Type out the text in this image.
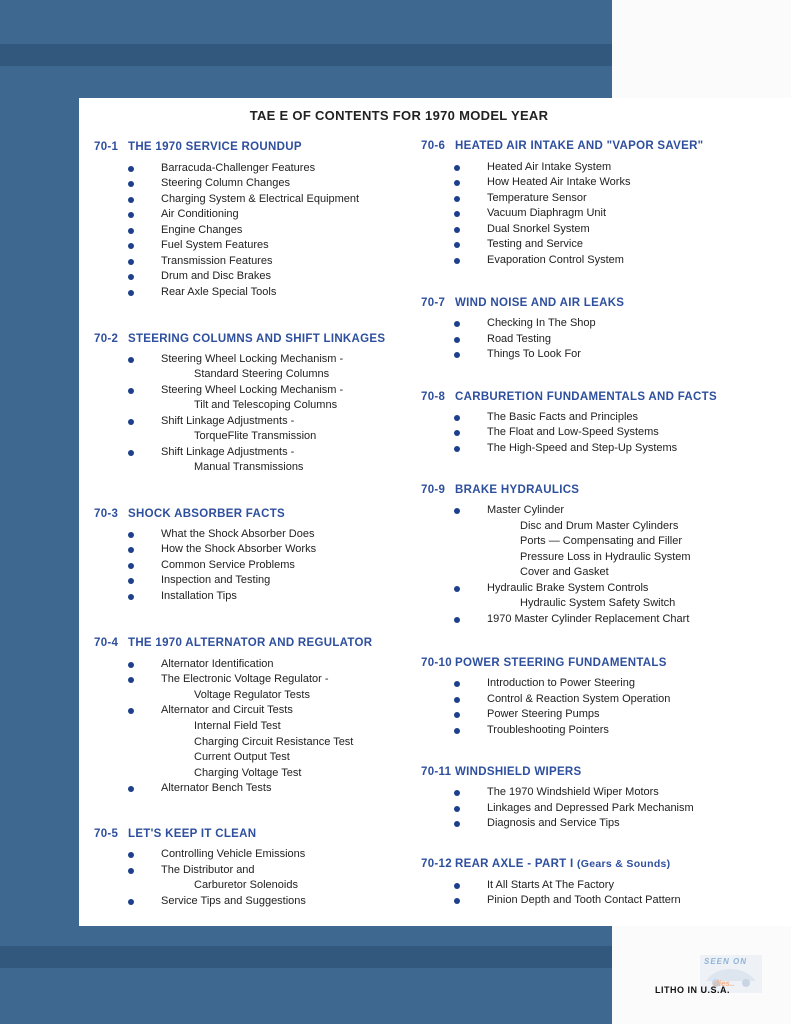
TAE E OF CONTENTS FOR 1970 MODEL YEAR
70-1 THE 1970 SERVICE ROUNDUP
Barracuda-Challenger Features
Steering Column Changes
Charging System & Electrical Equipment
Air Conditioning
Engine Changes
Fuel System Features
Transmission Features
Drum and Disc Brakes
Rear Axle Special Tools
70-2 STEERING COLUMNS AND SHIFT LINKAGES
Steering Wheel Locking Mechanism -
Standard Steering Columns
Steering Wheel Locking Mechanism -
Tilt and Telescoping Columns
Shift Linkage Adjustments -
TorqueFlite Transmission
Shift Linkage Adjustments -
Manual Transmissions
70-3 SHOCK ABSORBER FACTS
What the Shock Absorber Does
How the Shock Absorber Works
Common Service Problems
Inspection and Testing
Installation Tips
70-4 THE 1970 ALTERNATOR AND REGULATOR
Alternator Identification
The Electronic Voltage Regulator -
Voltage Regulator Tests
Alternator and Circuit Tests
Internal Field Test
Charging Circuit Resistance Test
Current Output Test
Charging Voltage Test
Alternator Bench Tests
70-5 LET'S KEEP IT CLEAN
Controlling Vehicle Emissions
The Distributor and
Carburetor Solenoids
Service Tips and Suggestions
70-6 HEATED AIR INTAKE AND "VAPOR SAVER"
Heated Air Intake System
How Heated Air Intake Works
Temperature Sensor
Vacuum Diaphragm Unit
Dual Snorkel System
Testing and Service
Evaporation Control System
70-7 WIND NOISE AND AIR LEAKS
Checking In The Shop
Road Testing
Things To Look For
70-8 CARBURETION FUNDAMENTALS AND FACTS
The Basic Facts and Principles
The Float and Low-Speed Systems
The High-Speed and Step-Up Systems
70-9 BRAKE HYDRAULICS
Master Cylinder
Disc and Drum Master Cylinders
Ports — Compensating and Filler
Pressure Loss in Hydraulic System
Cover and Gasket
Hydraulic Brake System Controls
Hydraulic System Safety Switch
1970 Master Cylinder Replacement Chart
70-10 POWER STEERING FUNDAMENTALS
Introduction to Power Steering
Control & Reaction System Operation
Power Steering Pumps
Troubleshooting Pointers
70-11 WINDSHIELD WIPERS
The 1970 Windshield Wiper Motors
Linkages and Depressed Park Mechanism
Diagnosis and Service Tips
70-12 REAR AXLE - PART I (Gears & Sounds)
It All Starts At The Factory
Pinion Depth and Tooth Contact Pattern
SEEN ON
dies..
LITHO IN U.S.A.
